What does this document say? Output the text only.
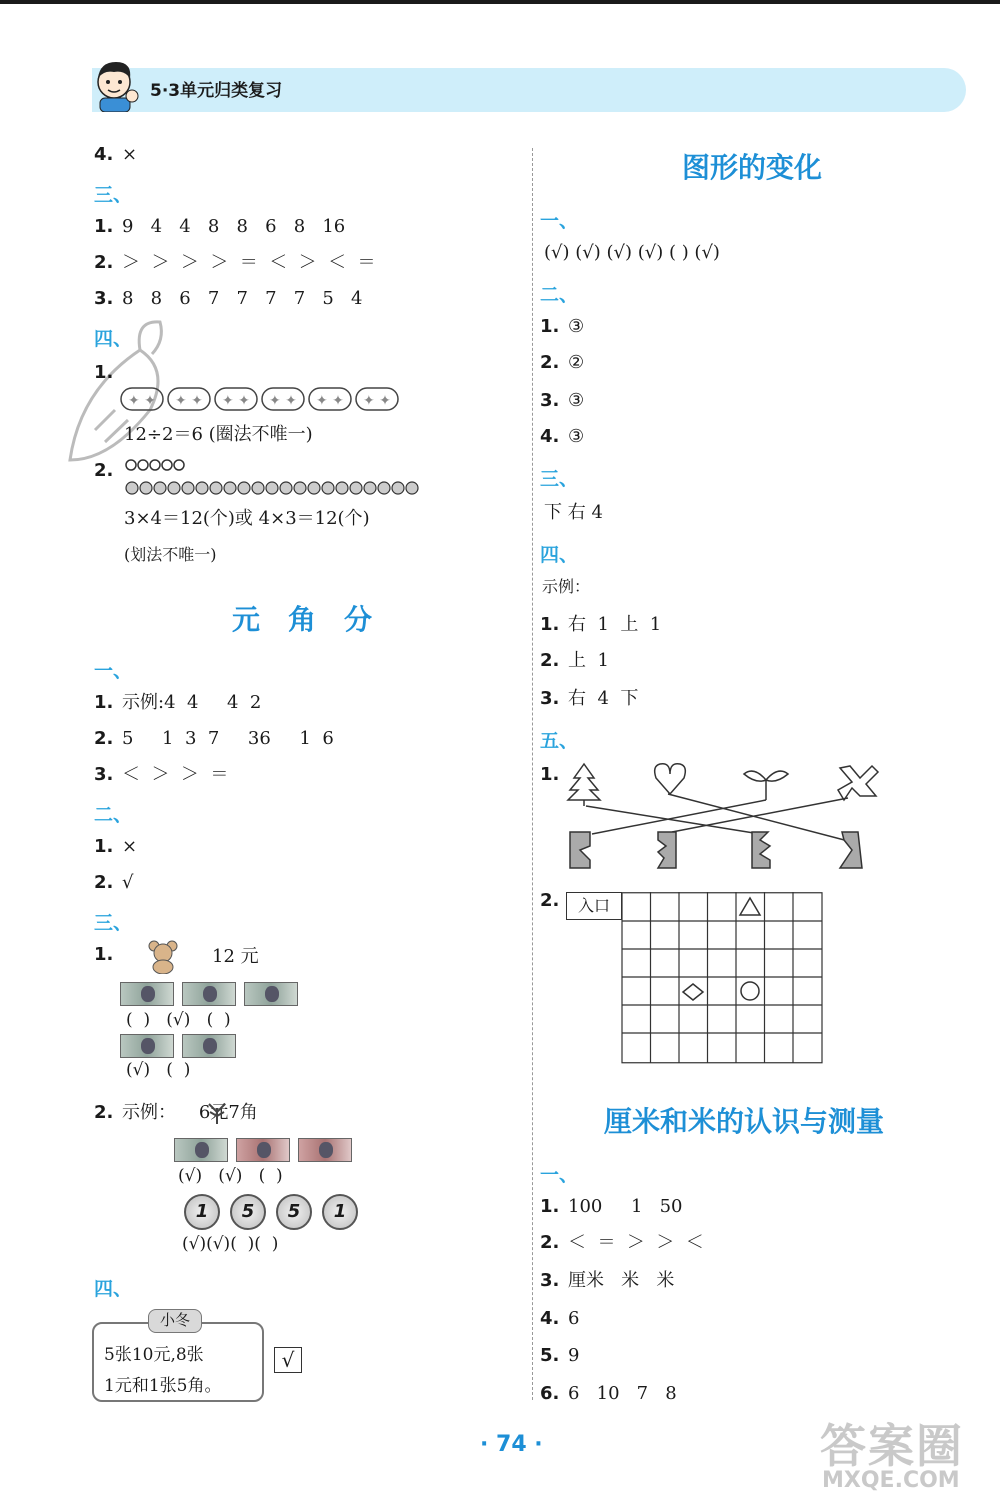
5·3单元归类复习
4. ×
三、
1. 9   4   4   8   8   6   8   16
2. ＞  ＞  ＞  ＞  ＝  ＜  ＞  ＜  ＝
3. 8   8   6   7   7   7   7   5   4
四、
1.
✦ ✦ ✦ ✦ ✦ ✦ ✦ ✦ ✦ ✦ ✦ ✦
12÷2＝6 (圈法不唯一)
2.
3×4＝12(个)或 4×3＝12(个)
(划法不唯一)
元角分
一、
1. 示例:4  4     4  2
2. 5     1  3  7     36     1  6
3. ＜  ＞  ＞  ＝
二、
1. ×
2. √
三、
1.	12 元
(  )   (√)   (  )
(√)   (  )
2. 示例：    6元7角
(√)   (√)   (  )
1 5 5 1
(√)(√)(  )(  )
四、
5张10元,8张
1元和1张5角。
小冬
√
图形的变化
一、
(√) (√) (√) (√) ( ) (√)
二、
1. ③
2. ②
3. ③
4. ③
三、
下 右 4
四、
示例：
1. 右  1  上  1
2. 上  1
3. 右  4  下
五、
1.
2.	入口
厘米和米的认识与测量
一、
1. 100     1   50
2. ＜  ＝  ＞  ＞  ＜
3. 厘米   米   米
4. 6
5. 9
6. 6   10   7   8
· 74 ·	答案圈
MXQE.COM
